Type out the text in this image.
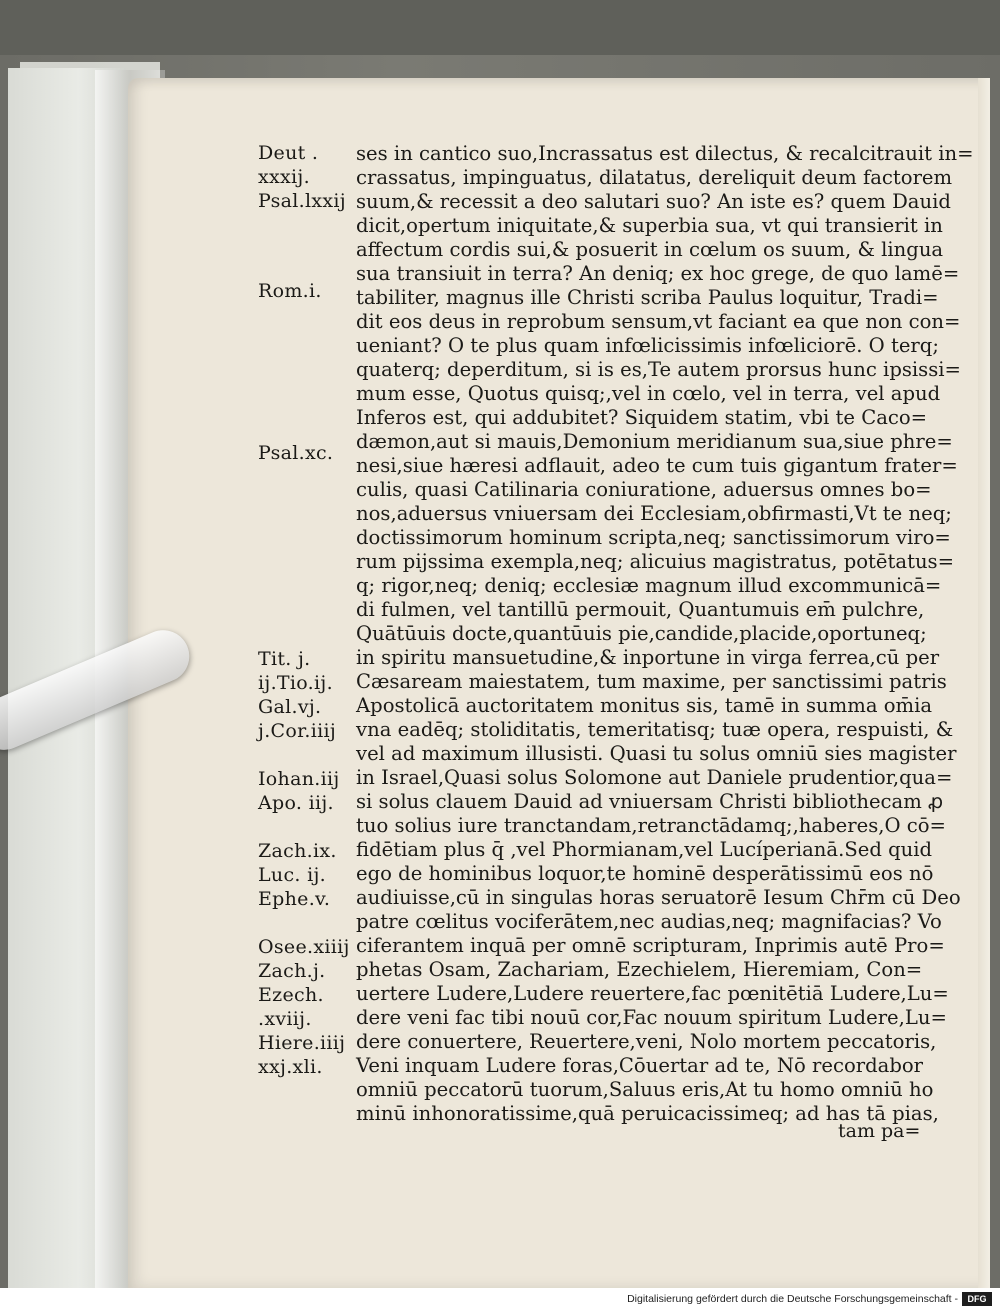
Deut .
xxxij.
Psal.lxxij
Rom.i.
Psal.xc.
Tit. j.
ij.Tio.ij.
Gal.vj.
j.Cor.iiij
Iohan.iij
Apo. iij.
Zach.ix.
Luc. ij.
Ephe.v.
Osee.xiiij
Zach.j.
Ezech.
.xviij.
Hiere.iiij
xxj.xli.
ses in cantico suo,Incrassatus est dilectus, & recalcitrauit in=
crassatus, impinguatus, dilatatus, dereliquit deum factorem
suum,& recessit a deo salutari suo? An iste es? quem Dauid
dicit,opertum iniquitate,& superbia sua, vt qui transierit in
affectum cordis sui,& posuerit in cœlum os suum, & lingua
sua transiuit in terra? An deniq; ex hoc grege, de quo lamē=
tabiliter, magnus ille Christi scriba Paulus loquitur, Tradi=
dit eos deus in reprobum sensum,vt faciant ea que non con=
ueniant? O te plus quam infœlicissimis infœliciorē. O terq;
quaterq; deperditum, si is es,Te autem prorsus hunc ipsissi=
mum esse, Quotus quisq;,vel in cœlo, vel in terra, vel apud
Inferos est, qui addubitet? Siquidem statim, vbi te Caco=
dæmon,aut si mauis,Demonium meridianum sua,siue phre=
nesi,siue hæresi adflauit, adeo te cum tuis gigantum frater=
culis, quasi Catilinaria coniuratione, aduersus omnes bo=
nos,aduersus vniuersam dei Ecclesiam,obfirmasti,Vt te neq;
doctissimorum hominum scripta,neq; sanctissimorum viro=
rum pijssima exempla,neq; alicuius magistratus, potētatus=
q; rigor,neq; deniq; ecclesiæ magnum illud excommunicā=
di fulmen, vel tantillū permouit, Quantumuis em̄ pulchre,
Quātūuis docte,quantūuis pie,candide,placide,oportuneq;
in spiritu mansuetudine,& inportune in virga ferrea,cū per
Cæsaream maiestatem, tum maxime, per sanctissimi patris
Apostolicā auctoritatem monitus sis, tamē in summa om̄ia
vna eadēq; stoliditatis, temeritatisq; tuæ opera, respuisti, &
vel ad maximum illusisti. Quasi tu solus omniū sies magister
in Israel,Quasi solus Solomone aut Daniele prudentior,qua=
si solus clauem Dauid ad vniuersam Christi bibliothecam ꝓ
tuo solius iure tranctandam,retranctādamq;,haberes,O cō=
fidētiam plus q̄ ,vel Phormianam,vel Lucíperianā.Sed quid
ego de hominibus loquor,te hominē desperātissimū eos nō
audiuisse,cū in singulas horas seruatorē Iesum Chr̄m cū Deo
patre cœlitus vociferātem,nec audias,neq; magnifacias? Vo
ciferantem inquā per omnē scripturam, Inprimis autē Pro=
phetas Osam, Zachariam, Ezechielem, Hieremiam, Con=
uertere Ludere,Ludere reuertere,fac pœnitētiā Ludere,Lu=
dere veni fac tibi nouū cor,Fac nouum spiritum Ludere,Lu=
dere conuertere, Reuertere,veni, Nolo mortem peccatoris,
Veni inquam Ludere foras,Cōuertar ad te, Nō recordabor
omniū peccatorū tuorum,Saluus eris,At tu homo omniū ho
minū inhonoratissime,quā peruicacissimeq; ad has tā pias,
tam pa=
Digitalisierung gefördert durch die Deutsche Forschungsgemeinschaft -	DFG
